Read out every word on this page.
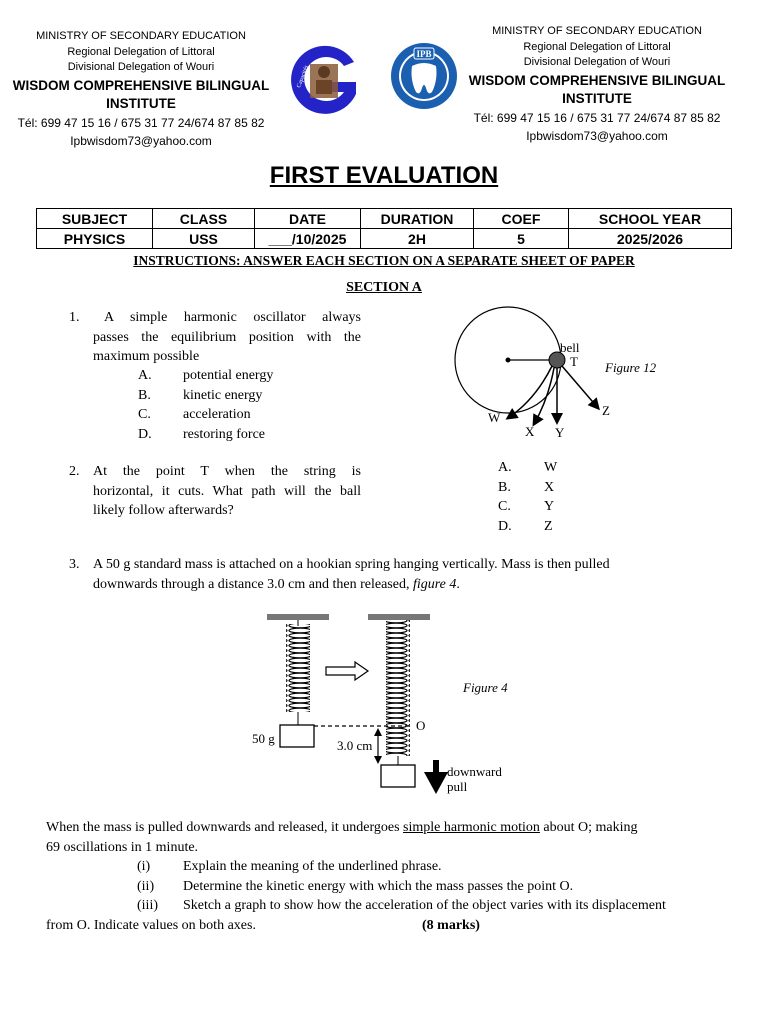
MINISTRY OF SECONDARY EDUCATION
Regional Delegation of Littoral
Divisional Delegation of Wouri
WISDOM COMPREHENSIVE BILINGUAL
INSTITUTE
Tél: 699 47 15 16 / 675 31 77 24/674 87 85 82
Ipbwisdom73@yahoo.com
MINISTRY OF SECONDARY EDUCATION
Regional Delegation of Littoral
Divisional Delegation of Wouri
WISDOM COMPREHENSIVE BILINGUAL
INSTITUTE
Tél: 699 47 15 16 / 675 31 77 24/674 87 85 82
Ipbwisdom73@yahoo.com
Capacités
IPB
FIRST EVALUATION
SUBJECT	CLASS	DATE	DURATION	COEF	SCHOOL YEAR
PHYSICS	USS	___/10/2025	2H	5	2025/2026
INSTRUCTIONS: ANSWER EACH SECTION ON A SEPARATE SHEET OF PAPER
SECTION A
1.	A simple harmonic oscillator always
passes the equilibrium position with the
maximum possible
A. potential energy
B. kinetic energy
C. acceleration
D. restoring force
bell
T Figure 12
W
X Y
Z
2. At the point T when the string is
horizontal, it cuts. What path will the ball
likely follow afterwards?
A. W
B. X
C. Y
D. Z
3. A 50 g standard mass is attached on a hookian spring hanging vertically. Mass is then pulled
downwards through a distance 3.0 cm and then released, figure 4.
50 g
O
3.0 cm
downward
pull
Figure 4
When the mass is pulled downwards and released, it undergoes simple harmonic motion about O; making
69 oscillations in 1 minute.
(i) Explain the meaning of the underlined phrase.
(ii) Determine the kinetic energy with which the mass passes the point O.
(iii) Sketch a graph to show how the acceleration of the object varies with its displacement
from O. Indicate values on both axes.	(8 marks)
